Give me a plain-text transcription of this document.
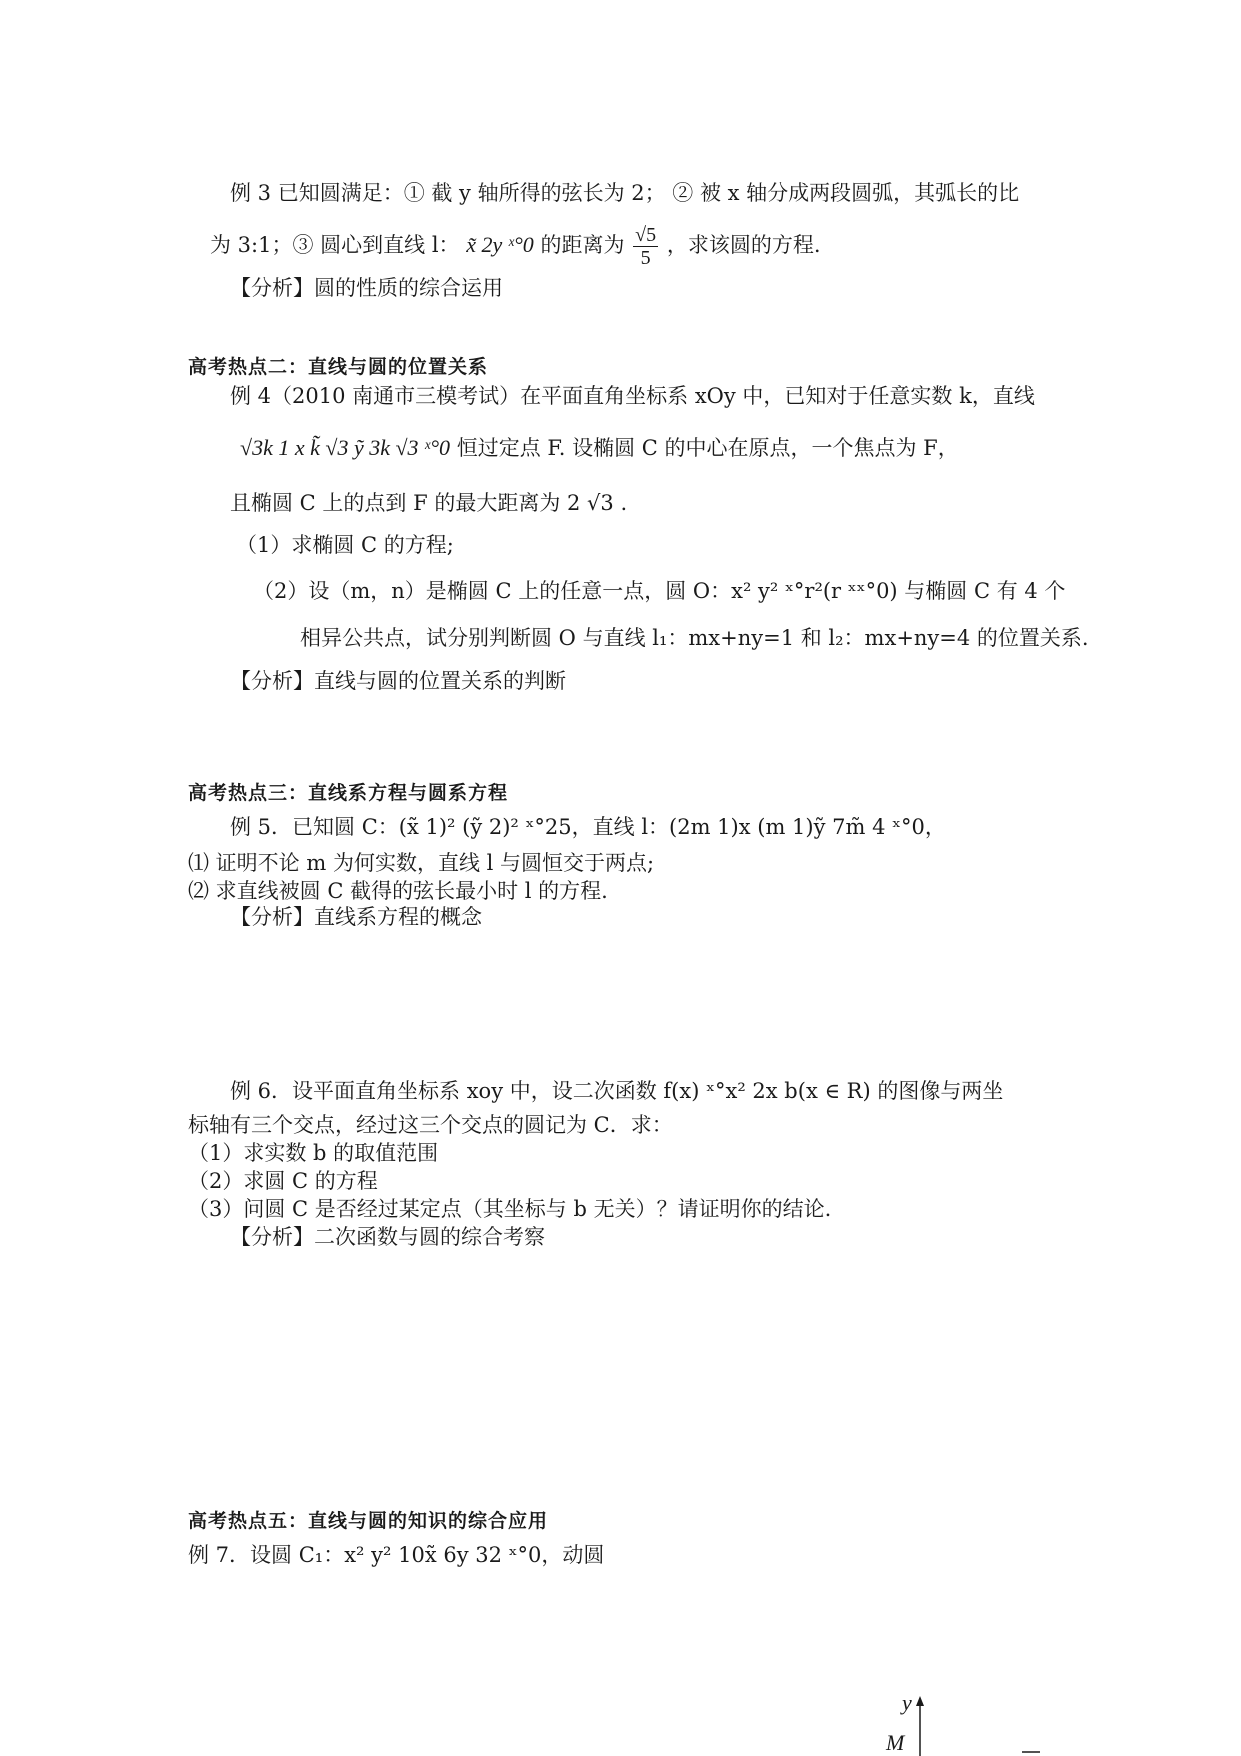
例 3 已知圆满足：① 截 y 轴所得的弦长为 2； ② 被 x 轴分成两段圆弧，其弧长的比
为 3:1；③ 圆心到直线 l： x̃ 2y ˣ°0 的距离为 $\frac{√5}{5}$ ，求该圆的方程.
【分析】圆的性质的综合运用
高考热点二：直线与圆的位置关系
例 4（2010 南通市三模考试）在平面直角坐标系 xOy 中，已知对于任意实数 k，直线
√3k 1 x k̃ √3 ỹ 3k √3 ˣ°0 恒过定点 F. 设椭圆 C 的中心在原点，一个焦点为 F，
且椭圆 C 上的点到 F 的最大距离为 2 √3 .
（1）求椭圆 C 的方程;
（2）设（m，n）是椭圆 C 上的任意一点，圆 O：x² y² ˣ°r²(r ˣˣ°0) 与椭圆 C 有 4 个
相异公共点，试分别判断圆 O 与直线 l₁：mx+ny=1 和 l₂：mx+ny=4 的位置关系.
【分析】直线与圆的位置关系的判断
高考热点三：直线系方程与圆系方程
例 5．已知圆 C：(x̃ 1)² (ỹ 2)² ˣ°25，直线 l：(2m 1)x (m 1)ỹ 7m̃ 4 ˣ°0，
⑴ 证明不论 m 为何实数，直线 l 与圆恒交于两点;
⑵ 求直线被圆 C 截得的弦长最小时 l 的方程.
【分析】直线系方程的概念
例 6．设平面直角坐标系 xoy 中，设二次函数 f(x) ˣ°x² 2x b(x ∈ R) 的图像与两坐
标轴有三个交点，经过这三个交点的圆记为 C．求：
（1）求实数 b 的取值范围
（2）求圆 C 的方程
（3）问圆 C 是否经过某定点（其坐标与 b 无关）？请证明你的结论.
【分析】二次函数与圆的综合考察
高考热点五：直线与圆的知识的综合应用
例 7．设圆 C₁：x² y² 10x̃ 6y 32 ˣ°0，动圆
y
M
